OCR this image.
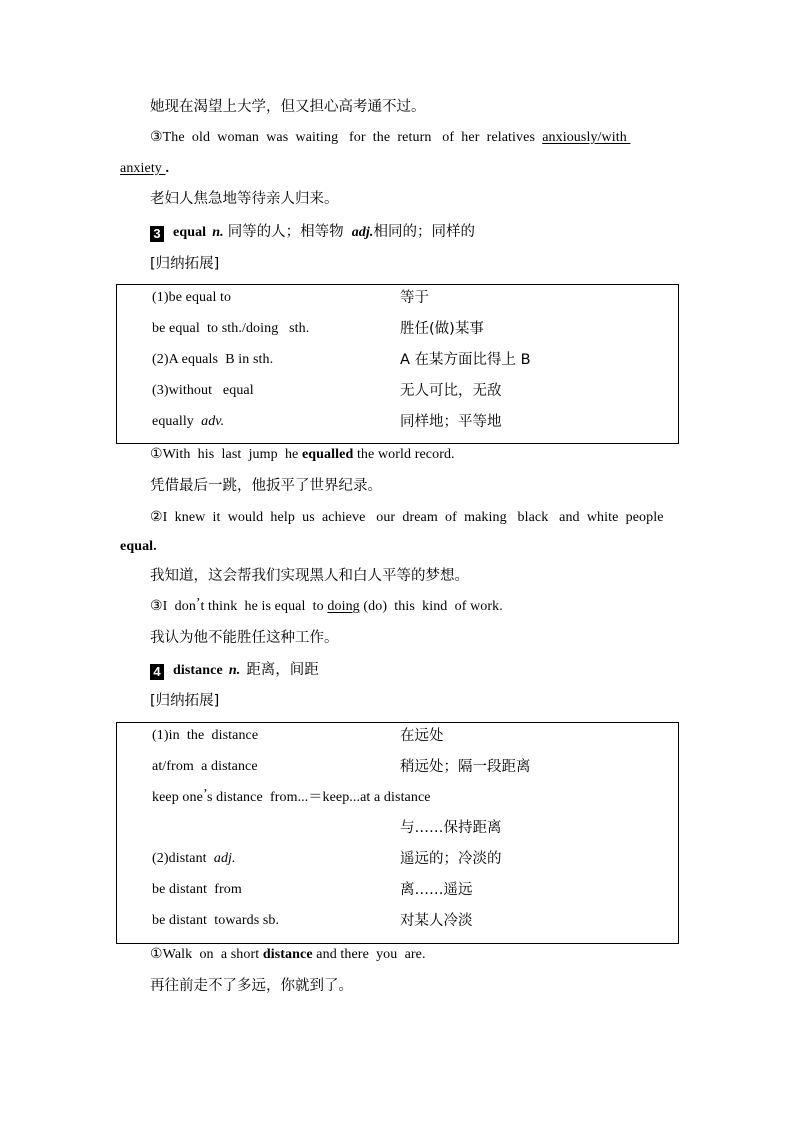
她现在渴望上大学，但又担心高考通不过。
③The  old  woman  was  waiting   for  the  return   of  her  relatives  anxiously/with
anxiety .
老妇人焦急地等待亲人归来。
3 equal n. 同等的人；相等物 adj.相同的；同样的
[归纳拓展]
(1)be equal to	等于
be equal  to sth./doing   sth.	胜任(做)某事
(2)A equals  B in sth.	A 在某方面比得上 B
(3)without   equal	无人可比，无敌
equally  adv.	同样地；平等地
①With  his  last  jump  he equalled the world record.
凭借最后一跳，他扳平了世界纪录。
②I  knew  it  would  help  us  achieve   our  dream  of  making   black   and  white  people
equal.
我知道，这会帮我们实现黑人和白人平等的梦想。
③I  don’t think  he is equal  to doing (do)  this  kind  of work.
我认为他不能胜任这种工作。
4 distance n. 距离，间距
[归纳拓展]
(1)in  the  distance	在远处
at/from  a distance	稍远处；隔一段距离
keep one’s distance  from...＝keep...at a distance
与……保持距离
(2)distant  adj.	遥远的；冷淡的
be distant  from	离……遥远
be distant  towards sb.	对某人冷淡
①Walk  on  a short distance and there  you  are.
再往前走不了多远，你就到了。
